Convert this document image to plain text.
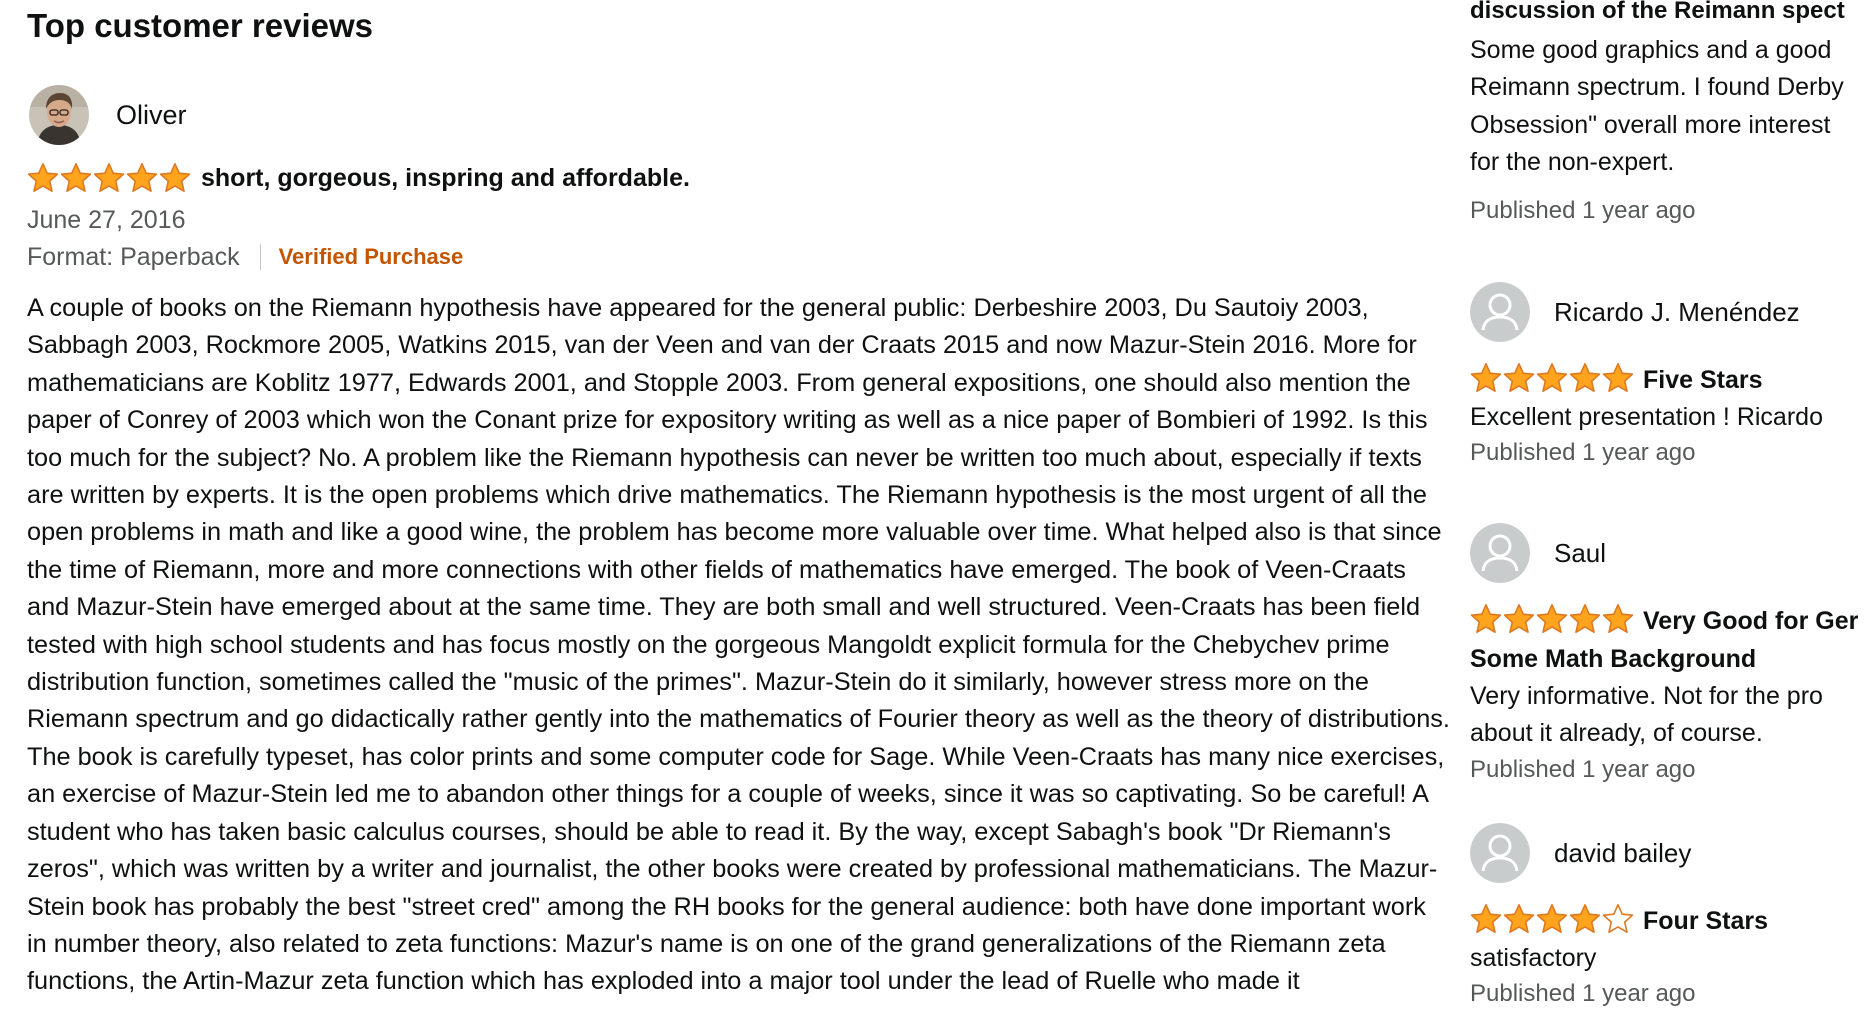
Top customer reviews
Oliver
short, gorgeous, inspring and affordable.
June 27, 2016
Format: Paperback Verified Purchase

A couple of books on the Riemann hypothesis have appeared for the general public: Derbeshire 2003, Du Sautoiy 2003, Sabbagh 2003, Rockmore 2005, Watkins 2015, van der Veen and van der Craats 2015 and now Mazur-Stein 2016. More for mathematicians are Koblitz 1977, Edwards 2001, and Stopple 2003. From general expositions, one should also mention the paper of Conrey of 2003 which won the Conant prize for expository writing as well as a nice paper of Bombieri of 1992. Is this too much for the subject? No. A problem like the Riemann hypothesis can never be written too much about, especially if texts are written by experts. It is the open problems which drive mathematics. The Riemann hypothesis is the most urgent of all the open problems in math and like a good wine, the problem has become more valuable over time. What helped also is that since the time of Riemann, more and more connections with other fields of mathematics have emerged. The book of Veen-Craats and Mazur-Stein have emerged about at the same time. They are both small and well structured. Veen-Craats has been field tested with high school students and has focus mostly on the gorgeous Mangoldt explicit formula for the Chebychev prime distribution function, sometimes called the "music of the primes". Mazur-Stein do it similarly, however stress more on the Riemann spectrum and go didactically rather gently into the mathematics of Fourier theory as well as the theory of distributions. The book is carefully typeset, has color prints and some computer code for Sage. While Veen-Craats has many nice exercises, an exercise of Mazur-Stein led me to abandon other things for a couple of weeks, since it was so captivating. So be careful! A student who has taken basic calculus courses, should be able to read it. By the way, except Sabagh's book "Dr Riemann's zeros", which was written by a writer and journalist, the other books were created by professional mathematicians. The Mazur-Stein book has probably the best "street cred" among the RH books for the general audience: both have done important work in number theory, also related to zeta functions: Mazur's name is on one of the grand generalizations of the Riemann zeta functions, the Artin-Mazur zeta function which has exploded into a major tool under the lead of Ruelle who made it

discussion of the Reimann spect

Some good graphics and a good
Reimann spectrum. I found Derby
Obsession" overall more interest
for the non-expert.

Published 1 year ago
Ricardo J. Menéndez
Five Stars
Excellent presentation ! Ricardo
Published 1 year ago
Saul
Very Good for Ger
Some Math Background
Very informative. Not for the pro
about it already, of course.
Published 1 year ago
david bailey
Four Stars
satisfactory
Published 1 year ago
